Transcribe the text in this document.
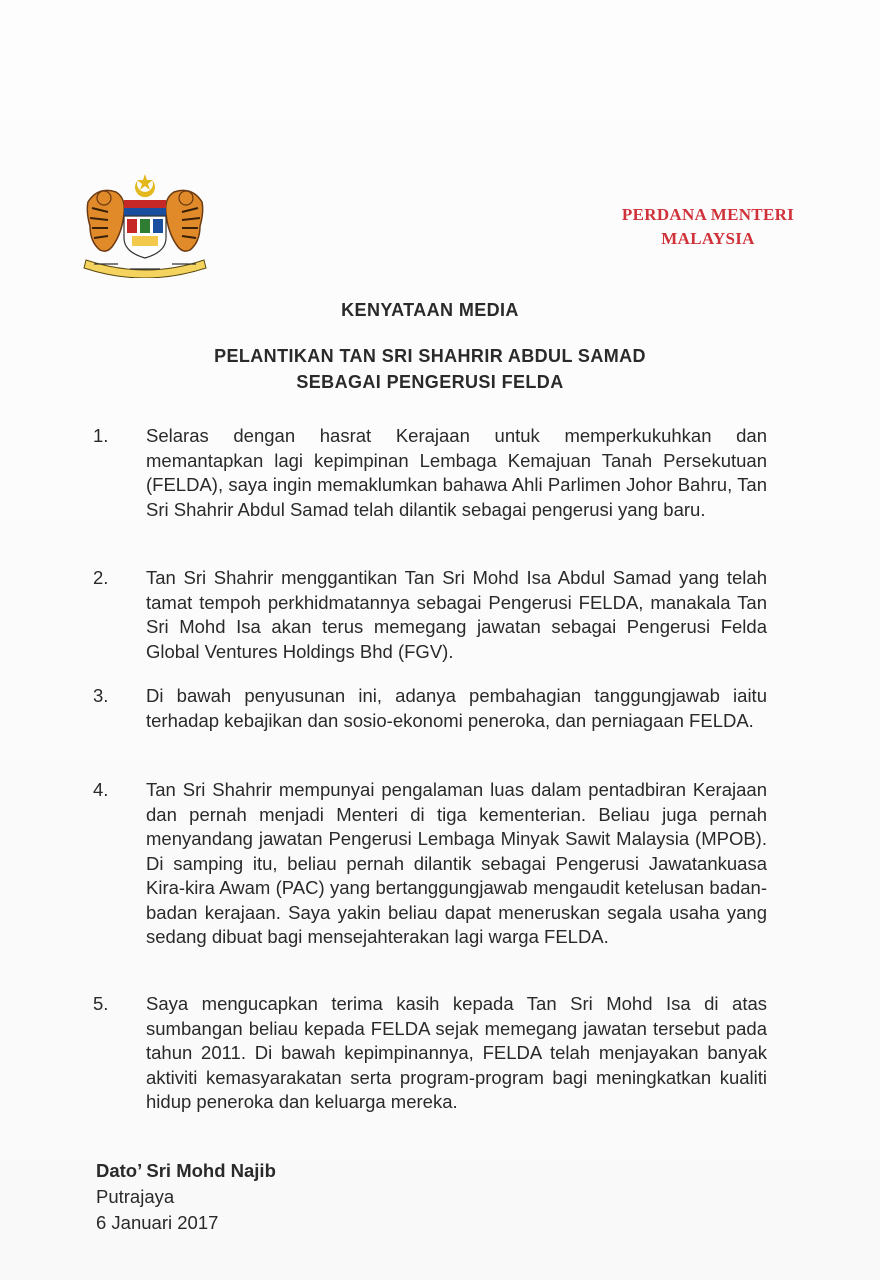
PERDANA MENTERI
MALAYSIA
KENYATAAN MEDIA
PELANTIKAN TAN SRI SHAHRIR ABDUL SAMAD
SEBAGAI PENGERUSI FELDA
1. Selaras dengan hasrat Kerajaan untuk memperkukuhkan dan memantapkan lagi kepimpinan Lembaga Kemajuan Tanah Persekutuan (FELDA), saya ingin memaklumkan bahawa Ahli Parlimen Johor Bahru, Tan Sri Shahrir Abdul Samad telah dilantik sebagai pengerusi yang baru.
2. Tan Sri Shahrir menggantikan Tan Sri Mohd Isa Abdul Samad yang telah tamat tempoh perkhidmatannya sebagai Pengerusi FELDA, manakala Tan Sri Mohd Isa akan terus memegang jawatan sebagai Pengerusi Felda Global Ventures Holdings Bhd (FGV).
3. Di bawah penyusunan ini, adanya pembahagian tanggungjawab iaitu terhadap kebajikan dan sosio-ekonomi peneroka, dan perniagaan FELDA.
4. Tan Sri Shahrir mempunyai pengalaman luas dalam pentadbiran Kerajaan dan pernah menjadi Menteri di tiga kementerian. Beliau juga pernah menyandang jawatan Pengerusi Lembaga Minyak Sawit Malaysia (MPOB). Di samping itu, beliau pernah dilantik sebagai Pengerusi Jawatankuasa Kira-kira Awam (PAC) yang bertanggungjawab mengaudit ketelusan badan-badan kerajaan. Saya yakin beliau dapat meneruskan segala usaha yang sedang dibuat bagi mensejahterakan lagi warga FELDA.
5. Saya mengucapkan terima kasih kepada Tan Sri Mohd Isa di atas sumbangan beliau kepada FELDA sejak memegang jawatan tersebut pada tahun 2011. Di bawah kepimpinannya, FELDA telah menjayakan banyak aktiviti kemasyarakatan serta program-program bagi meningkatkan kualiti hidup peneroka dan keluarga mereka.
Dato’ Sri Mohd Najib
Putrajaya
6 Januari 2017
